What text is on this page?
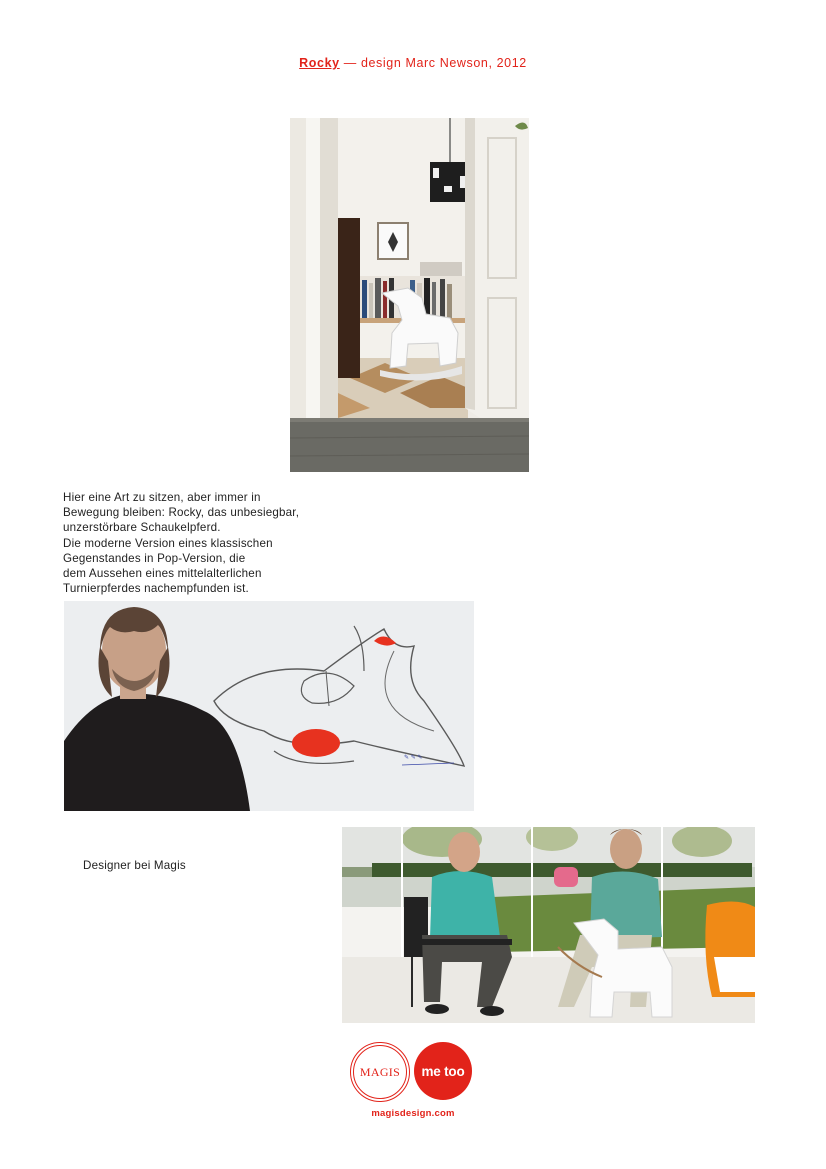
Rocky — design Marc Newson, 2012
Hier eine Art zu sitzen, aber immer in
Bewegung bleiben: Rocky, das unbesiegbar,
unzerstörbare Schaukelpferd.
Die moderne Version eines klassischen
Gegenstandes in Pop-Version, die
dem Aussehen eines mittelalterlichen
Turnierpferdes nachempfunden ist.
✎ ✎ ✎
Designer bei Magis
MAGIS	me too
magisdesign.com
